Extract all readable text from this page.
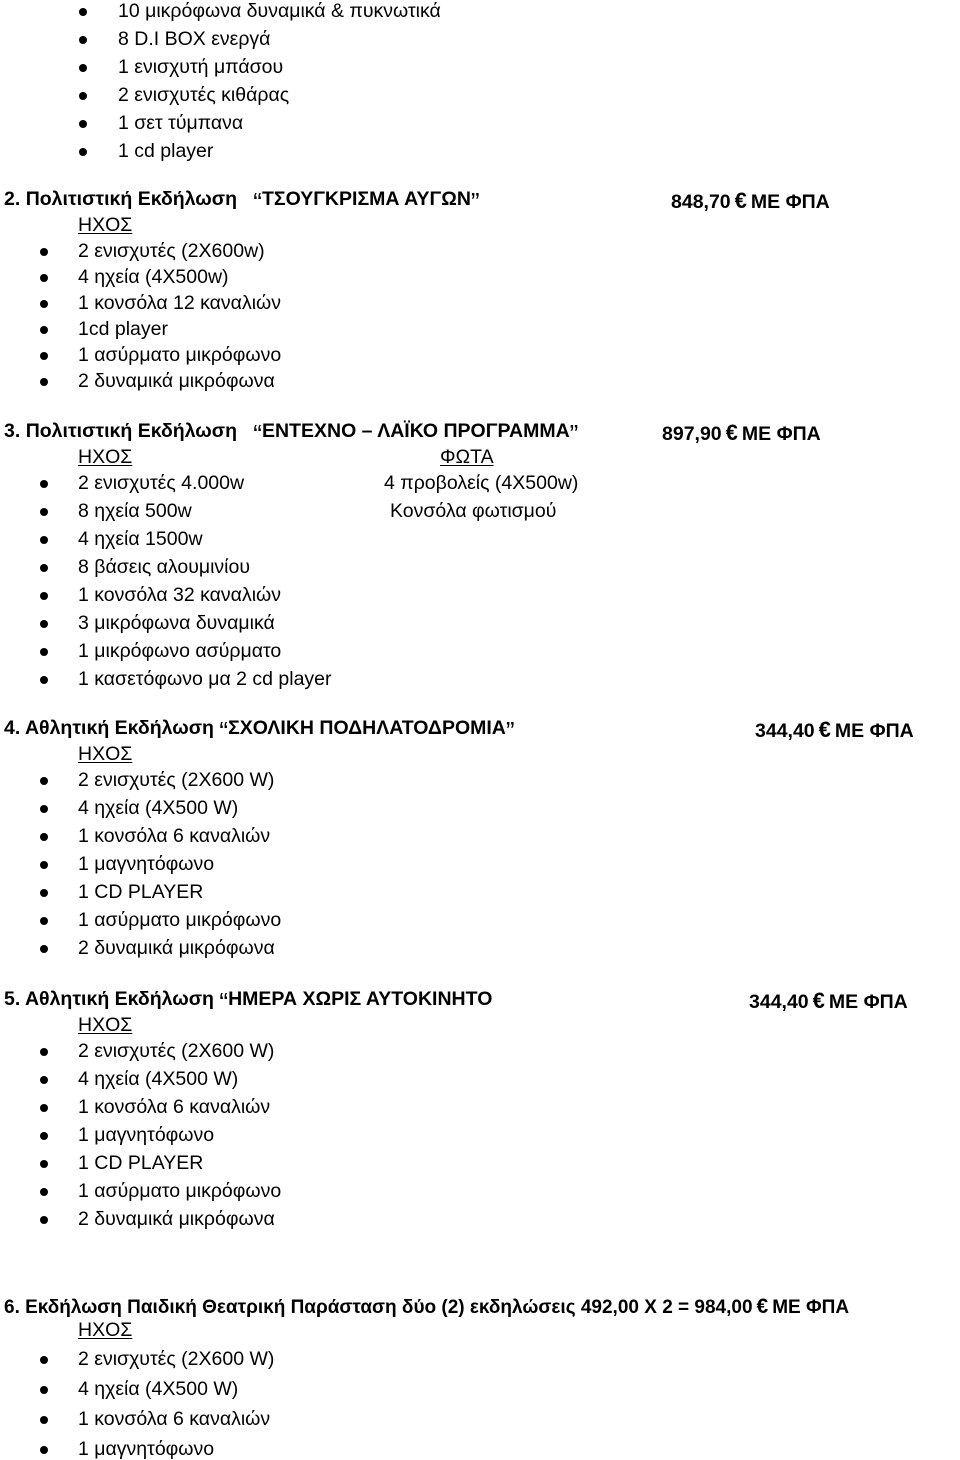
10 μικρόφωνα δυναμικά & πυκνωτικά
8 D.I BOX ενεργά
1 ενισχυτή μπάσου
2 ενισχυτές κιθάρας
1 σετ τύμπανα
1 cd player
2. Πολιτιστική Εκδήλωση “ΤΣΟΥΓΚΡΙΣΜΑ ΑΥΓΩΝ”	848,70 € ΜΕ ΦΠΑ
ΗΧΟΣ
2 ενισχυτές (2Χ600w)
4 ηχεία (4Χ500w)
1 κονσόλα 12 καναλιών
1cd player
1 ασύρματο μικρόφωνο
2 δυναμικά μικρόφωνα
3. Πολιτιστική Εκδήλωση “ΕΝΤΕΧΝΟ – ΛΑΪΚΟ ΠΡΟΓΡΑΜΜΑ”	897,90 € ΜΕ ΦΠΑ
ΗΧΟΣ	ΦΩΤΑ
2 ενισχυτές 4.000w	4 προβολείς (4Χ500w)
8 ηχεία 500w	Κονσόλα φωτισμού
4 ηχεία 1500w
8 βάσεις αλουμινίου
1 κονσόλα 32 καναλιών
3 μικρόφωνα δυναμικά
1 μικρόφωνο ασύρματο
1 κασετόφωνο μα 2 cd player
4. Αθλητική Εκδήλωση “ΣΧΟΛΙΚΗ ΠΟΔΗΛΑΤΟΔΡΟΜΙΑ”	344,40 € ΜΕ ΦΠΑ
ΗΧΟΣ
2 ενισχυτές (2Χ600 W)
4 ηχεία (4Χ500 W)
1 κονσόλα 6 καναλιών
1 μαγνητόφωνο
1 CD PLAYER
1 ασύρματο μικρόφωνο
2 δυναμικά μικρόφωνα
5. Αθλητική Εκδήλωση “ΗΜΕΡΑ ΧΩΡΙΣ ΑΥΤΟΚΙΝΗΤΟ	344,40 € ΜΕ ΦΠΑ
ΗΧΟΣ
2 ενισχυτές (2Χ600 W)
4 ηχεία (4Χ500 W)
1 κονσόλα 6 καναλιών
1 μαγνητόφωνο
1 CD PLAYER
1 ασύρματο μικρόφωνο
2 δυναμικά μικρόφωνα
6. Εκδήλωση Παιδική Θεατρική Παράσταση δύο (2) εκδηλώσεις 492,00 Χ 2 = 984,00 € ΜΕ ΦΠΑ
ΗΧΟΣ
2 ενισχυτές (2Χ600 W)
4 ηχεία (4Χ500 W)
1 κονσόλα 6 καναλιών
1 μαγνητόφωνο
